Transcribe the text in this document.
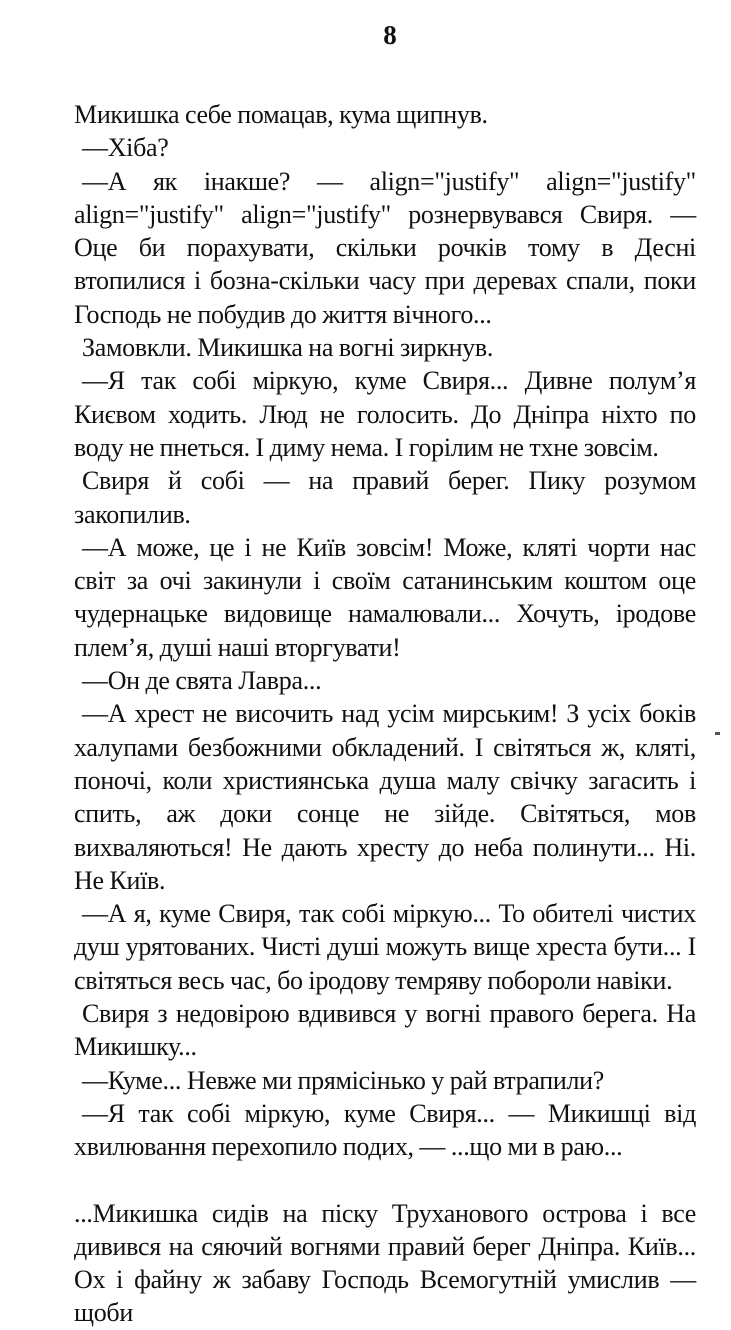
8

Микишка себе помацав, кума щипнув.

—Хіба?

—А як інакше? — align="justify" align="justify" align="justify" align="justify" рознервувався Свиря. — Оце би порахувати, скільки рочків тому в Десні втопилися і бозна-скільки часу при деревах спали, поки Господь не побудив до життя вічного...

Замовкли. Микишка на вогні зиркнув.

—Я так собі міркую, куме Свиря... Дивне полум’я Києвом ходить. Люд не голосить. До Дніпра ніхто по воду не пнеться. І диму нема. І горілим не тхне зовсім.

Свиря й собі — на правий берег. Пику розумом закопилив.

—А може, це і не Київ зовсім! Може, кляті чорти нас світ за очі закинули і своїм сатанинським коштом оце чудернацьке видовище намалювали... Хочуть, іродове плем’я, душі наші вторгувати!

—Он де свята Лавра...

—А хрест не височить над усім мирським! З усіх боків халупами безбожними обкладений. І світяться ж, кляті, поночі, коли християнська душа малу свічку загасить і спить, аж доки сонце не зійде. Світяться, мов вихваляються! Не дають хресту до неба полинути... Ні. Не Київ.

—А я, куме Свиря, так собі міркую... То обителі чистих душ урятованих. Чисті душі можуть вище хреста бути... І світяться весь час, бо іродову темряву побороли навіки.

Свиря з недовірою вдивився у вогні правого берега. На Микишку...

—Куме... Невже ми прямісінько у рай втрапили?

—Я так собі міркую, куме Свиря... — Микишці від хвилювання перехопило подих, — ...що ми в раю...

...Микишка сидів на піску Труханового острова і все дивився на сяючий вогнями правий берег Дніпра. Київ... Ох і файну ж забаву Господь Всемогутній умислив — щоби
